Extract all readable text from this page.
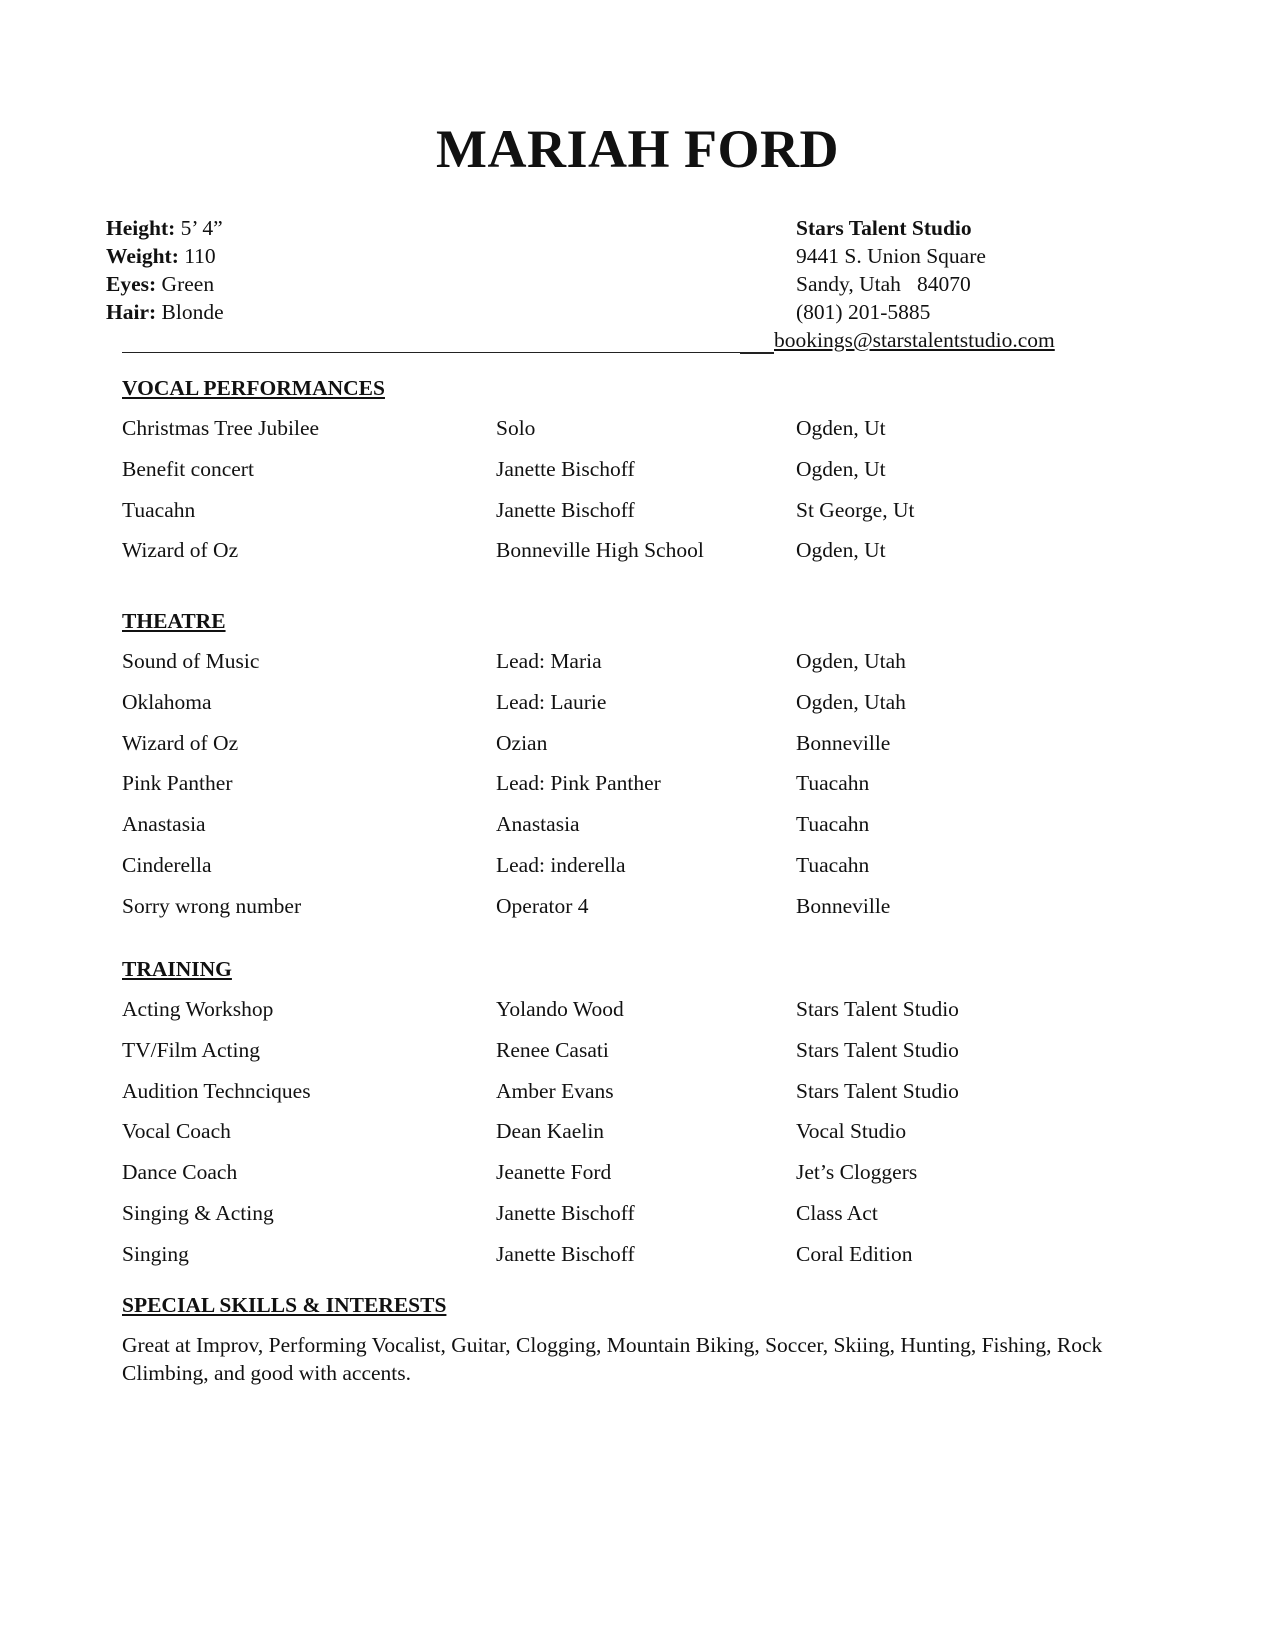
MARIAH FORD
Height: 5’ 4”
Weight: 110
Eyes: Green
Hair: Blonde
Stars Talent Studio
9441 S. Union Square
Sandy, Utah   84070
(801) 201-5885
bookings@starstalentstudio.com
VOCAL PERFORMANCES
Christmas Tree Jubilee	Solo	Ogden, Ut
Benefit concert	Janette Bischoff	Ogden, Ut
Tuacahn	Janette Bischoff	St George, Ut
Wizard of Oz	Bonneville High School	Ogden, Ut
THEATRE
Sound of Music	Lead: Maria	Ogden, Utah
Oklahoma	Lead: Laurie	Ogden, Utah
Wizard of Oz	Ozian	Bonneville
Pink Panther	Lead: Pink Panther	Tuacahn
Anastasia	Anastasia	Tuacahn
Cinderella	Lead: inderella	Tuacahn
Sorry wrong number	Operator 4	Bonneville
TRAINING
Acting Workshop	Yolando Wood	Stars Talent Studio
TV/Film Acting	Renee Casati	Stars Talent Studio
Audition Technciques	Amber Evans	Stars Talent Studio
Vocal Coach	Dean Kaelin	Vocal Studio
Dance Coach	Jeanette Ford	Jet’s Cloggers
Singing & Acting	Janette Bischoff	Class Act
Singing	Janette Bischoff	Coral Edition
SPECIAL SKILLS & INTERESTS
Great at Improv, Performing Vocalist, Guitar, Clogging, Mountain Biking, Soccer, Skiing, Hunting, Fishing, Rock Climbing, and good with accents.
